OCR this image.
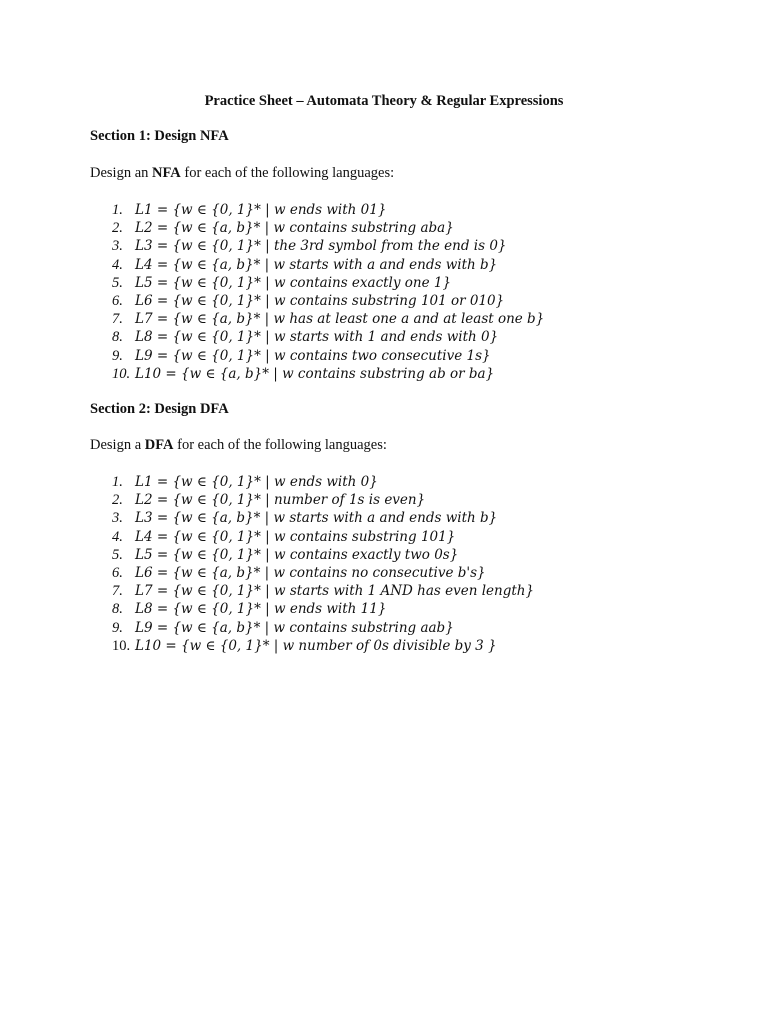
Practice Sheet – Automata Theory & Regular Expressions
Section 1: Design NFA
Design an NFA for each of the following languages:
1. L1 = {w ∈ {0, 1}* | w ends with 01}
2. L2 = {w ∈ {a, b}* | w contains substring aba}
3. L3 = {w ∈ {0, 1}* | the 3rd symbol from the end is 0}
4. L4 = {w ∈ {a, b}* | w starts with a and ends with b}
5. L5 = {w ∈ {0, 1}* | w contains exactly one 1}
6. L6 = {w ∈ {0, 1}* | w contains substring 101 or 010}
7. L7 = {w ∈ {a, b}* | w has at least one a and at least one b}
8. L8 = {w ∈ {0, 1}* | w starts with 1 and ends with 0}
9. L9 = {w ∈ {0, 1}* | w contains two consecutive 1s}
10. L10 = {w ∈ {a, b}* | w contains substring ab or ba}
Section 2: Design DFA
Design a DFA for each of the following languages:
1. L1 = {w ∈ {0, 1}* | w ends with 0}
2. L2 = {w ∈ {0, 1}* | number of 1s is even}
3. L3 = {w ∈ {a, b}* | w starts with a and ends with b}
4. L4 = {w ∈ {0, 1}* | w contains substring 101}
5. L5 = {w ∈ {0, 1}* | w contains exactly two 0s}
6. L6 = {w ∈ {a, b}* | w contains no consecutive b's}
7. L7 = {w ∈ {0, 1}* | w starts with 1 AND has even length}
8. L8 = {w ∈ {0, 1}* | w ends with 11}
9. L9 = {w ∈ {a, b}* | w contains substring aab}
10. L10 = {w ∈ {0, 1}* | w number of 0s divisible by 3 }
